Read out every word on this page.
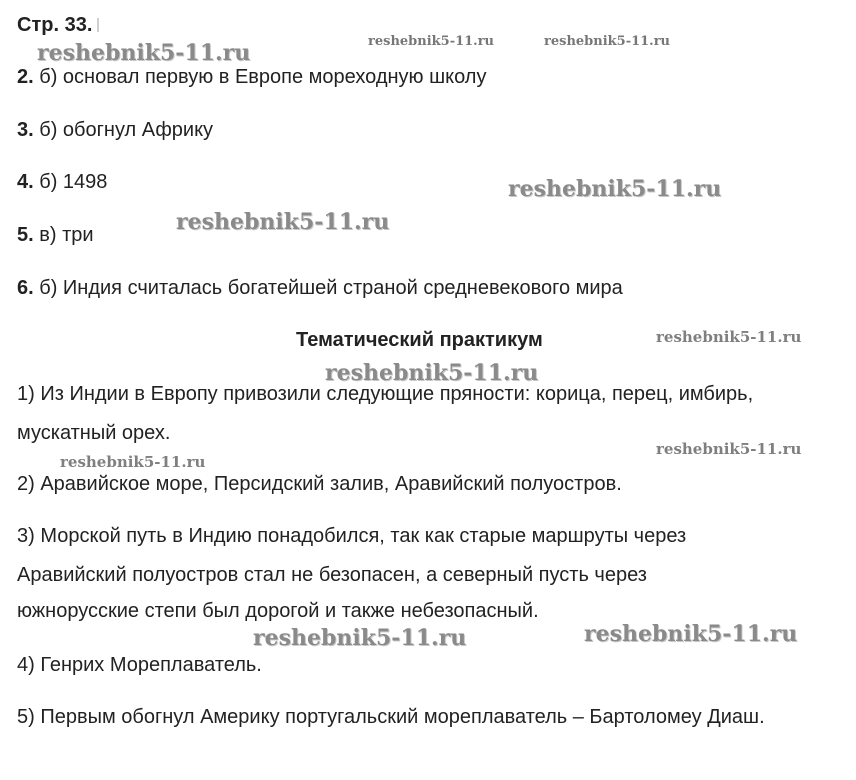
Стр. 33.
2. б) основал первую в Европе мореходную школу
3. б) обогнул Африку
4. б) 1498
5. в) три
6. б) Индия считалась богатейшей страной средневекового мира
Тематический практикум
1) Из Индии в Европу привозили следующие пряности: корица, перец, имбирь,
мускатный орех.
2) Аравийское море, Персидский залив, Аравийский полуостров.
3) Морской путь в Индию понадобился, так как старые маршруты через
Аравийский полуостров стал не безопасен, а северный пусть через
южнорусские степи был дорогой и также небезопасный.
4) Генрих Мореплаватель.
5) Первым обогнул Америку португальский мореплаватель – Бартоломеу Диаш.
reshebnik5-11.ru	reshebnik5-11.ru	reshebnik5-11.ru
reshebnik5-11.ru
reshebnik5-11.ru
reshebnik5-11.ru
reshebnik5-11.ru
reshebnik5-11.ru
reshebnik5-11.ru
reshebnik5-11.ru	reshebnik5-11.ru
